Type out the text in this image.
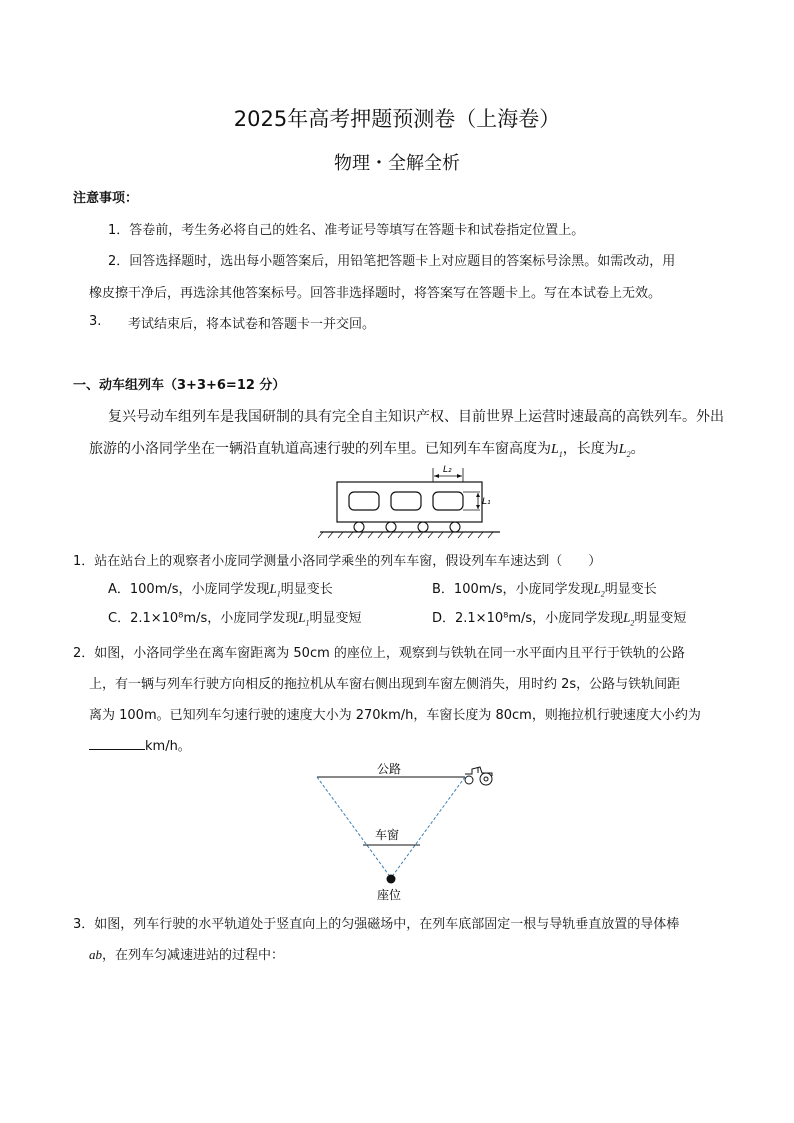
2025年高考押题预测卷（上海卷）
物理・全解全析
注意事项：
1．答卷前，考生务必将自己的姓名、准考证号等填写在答题卡和试卷指定位置上。
2．回答选择题时，选出每小题答案后，用铅笔把答题卡上对应题目的答案标号涂黑。如需改动，用
橡皮擦干净后，再选涂其他答案标号。回答非选择题时，将答案写在答题卡上。写在本试卷上无效。
3. 考试结束后，将本试卷和答题卡一并交回。
一、动车组列车（3+3+6=12 分）
复兴号动车组列车是我国研制的具有完全自主知识产权、目前世界上运营时速最高的高铁列车。外出
旅游的小洛同学坐在一辆沿直轨道高速行驶的列车里。已知列车车窗高度为$L_1$，长度为$L_2$。
L₂
L₁
1．站在站台上的观察者小庞同学测量小洛同学乘坐的列车车窗，假设列车车速达到（　　）
A．100m/s，小庞同学发现$L_1$明显变长	B．100m/s，小庞同学发现$L_2$明显变长
C．2.1×10⁸m/s，小庞同学发现$L_1$明显变短	D．2.1×10⁸m/s，小庞同学发现$L_2$明显变短
2．如图，小洛同学坐在离车窗距离为 50cm 的座位上，观察到与铁轨在同一水平面内且平行于铁轨的公路
上，有一辆与列车行驶方向相反的拖拉机从车窗右侧出现到车窗左侧消失，用时约 2s，公路与铁轨间距
离为 100m。已知列车匀速行驶的速度大小为 270km/h，车窗长度为 80cm，则拖拉机行驶速度大小约为
km/h。
公路
车窗
座位
3．如图，列车行驶的水平轨道处于竖直向上的匀强磁场中，在列车底部固定一根与导轨垂直放置的导体棒
ab，在列车匀减速进站的过程中：
